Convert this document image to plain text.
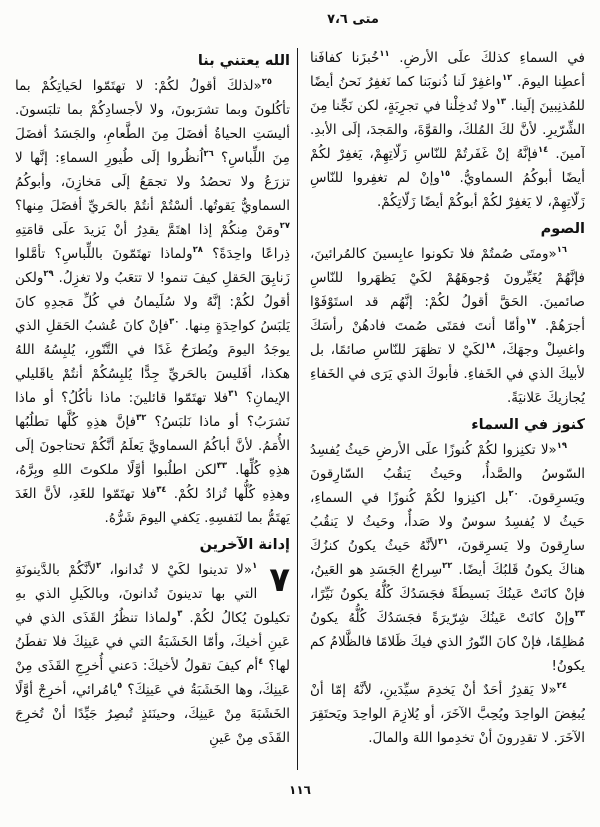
متى ٧،٦

في السماءِ كذلكَ علَى الأرضِ. $^{١١}$خُبزَنا كفافَنا أعطِنا اليومَ. $^{١٢}$واغفِرْ لَنا ذُنوبَنا كما نَغفِرُ نَحنُ أيضًا للمُذنِبينَ إلَينا. $^{١٣}$ولا تُدخِلْنا في تجرِبَةٍ، لكن نَجِّنا مِنَ الشِّرّيرِ. لأنَّ لكَ المُلكَ، والقوَّةَ، والمَجدَ، إلَى الأبدِ. آمينَ. $^{١٤}$فإنَّهُ إنْ غَفَرتُمْ للنّاسِ زَلّاتِهِمْ، يَغفِرْ لكُمْ أيضًا أبوكُمُ السماويُّ. $^{١٥}$وإنْ لم تغفِروا للنّاسِ زَلّاتِهِمْ، لا يَغفِرْ لكُمْ أبوكُمْ أيضًا زَلّاتِكُمْ.

الصوم

$^{١٦}$«ومتَى صُمتُمْ فلا تكونوا عابِسينَ كالمُرائينَ، فإنَّهُمْ يُغَيِّرونَ وُجوهَهُمْ لكَيْ يَظهَروا للنّاسِ صائمينَ. الحَقَّ أقولُ لكُمْ: إنَّهُم قد استَوْفَوْا أجرَهُمْ. $^{١٧}$وأمّا أنتَ فمَتَى صُمتَ فادهُنْ رأسَكَ واغسِلْ وجهَكَ، $^{١٨}$لكَيْ لا تظهَرَ للنّاسِ صائمًا، بل لأبيكَ الذي في الخَفاءِ. فأبوكَ الذي يَرَى في الخَفاءِ يُجازيكَ عَلانيَةً.

كنوز في السماء

$^{١٩}$«لا تكنِزوا لكُمْ كُنوزًا علَى الأرضِ حَيثُ يُفسِدُ السّوسُ والصَّدأُ، وحَيثُ يَنقُبُ السّارِقونَ ويَسرِقونَ. $^{٢٠}$بل اكنِزوا لكُمْ كُنوزًا في السماءِ، حَيثُ لا يُفسِدُ سوسٌ ولا صَدأٌ، وحَيثُ لا يَنقُبُ سارِقونَ ولا يَسرِقونَ، $^{٢١}$لأنَّهُ حَيثُ يكونُ كنزُكَ هناكَ يكونُ قَلبُكَ أيضًا. $^{٢٢}$سِراجُ الجَسَدِ هو العَينُ، فإنْ كانَتْ عَينُكَ بَسيطَةً فجَسَدُكَ كُلُّهُ يكونُ نَيِّرًا، $^{٢٣}$وإنْ كانَتْ عَينُكَ شِرّيرَةً فجَسَدُكَ كُلُّهُ يكونُ مُظلِمًا، فإنْ كانَ النّورُ الذي فيكَ ظَلامًا فالظَّلامُ كم يكونُ!

$^{٢٤}$«لا يَقدِرُ أحَدٌ أنْ يَخدِمَ سيِّدَينِ، لأنَّهُ إمّا أنْ يُبغِضَ الواحِدَ ويُحِبَّ الآخَرَ، أو يُلازِمَ الواحِدَ ويَحتَقِرَ الآخَرَ. لا تقدِرونَ أنْ تخدِموا اللهَ والمالَ.

الله يعتني بنا

$^{٢٥}$«لذلكَ أقولُ لكُمْ: لا تهتَمّوا لحَياتِكُمْ بما تأكُلونَ وبما تشرَبونَ، ولا لأجسادِكُمْ بما تلبَسونَ. أليسَتِ الحياةُ أفضَلَ مِنَ الطَّعامِ، والجَسَدُ أفضَلَ مِنَ اللِّباسِ؟ $^{٢٦}$اُنظُروا إلَى طُيورِ السماءِ: إنَّها لا تزرَعُ ولا تحصُدُ ولا تجمَعُ إلَى مَخازِنَ، وأبوكُمُ السماويُّ يَقوتُها. ألسْتُمْ أنتُمْ بالحَريِّ أفضَلَ مِنها؟ $^{٢٧}$ومَنْ مِنكُمْ إذا اهتَمَّ يقدِرُ أنْ يَزيدَ علَى قامَتِهِ ذِراعًا واحِدَةً؟ $^{٢٨}$ولماذا تهتَمّونَ باللِّباسِ؟ تأمَّلوا زَنابِقَ الحَقلِ كيفَ تنمو! لا تتعَبُ ولا تغزِلُ. $^{٢٩}$ولكن أقولُ لكُمْ: إنَّهُ ولا سُلَيمانُ في كُلِّ مَجدِهِ كانَ يَلبَسُ كواحِدَةٍ مِنها. $^{٣٠}$فإنْ كانَ عُشبُ الحَقلِ الذي يوجَدُ اليومَ ويُطرَحُ غَدًا في التَّنّورِ، يُلبِسُهُ اللهُ هكذا، أفَليسَ بالحَريِّ جِدًّا يُلبِسُكُمْ أنتُمْ ياقَليلي الإيمانِ؟ $^{٣١}$فلا تهتَمّوا قائلينَ: ماذا نأكُلُ؟ أو ماذا نَشرَبُ؟ أو ماذا نَلبَسُ؟ $^{٣٢}$فإنَّ هذِهِ كُلَّها تطلُبُها الأُمَمُ. لأنَّ أباكُمُ السماويَّ يَعلَمُ أنَّكُمْ تحتاجونَ إلَى هذِهِ كُلِّها. $^{٣٣}$لكن اطلُبوا أوَّلًا ملكوتَ اللهِ وبِرَّهُ، وهذِهِ كُلُّها تُزادُ لكُمْ. $^{٣٤}$فلا تهتَمّوا للغَدِ، لأنَّ الغَدَ يَهتَمُّ بما لنَفسِهِ. يَكفي اليومَ شَرُّهُ.

إدانة الآخرين

٧
$^١$«لا تدينوا لكَيْ لا تُدانوا، $^٢$لأنَّكُمْ بالدَّينونَةِ التي بها تدينونَ تُدانونَ، وبالكَيلِ الذي بهِ تكيلونَ يُكالُ لكُمْ. $^٣$ولماذا تنظُرُ القَذَى الذي في عَينِ أخيكَ، وأمّا الخَشَبَةُ التي في عَينِكَ فلا تفطَنُ لها؟ $^٤$أم كيفَ تقولُ لأخيكَ: دَعني أُخرِجِ القَذَى مِنْ عَينِكَ، وها الخَشَبَةُ في عَينِكَ؟ $^٥$يامُرائي، أخرِجْ أوَّلًا الخَشَبَةَ مِنْ عَينِكَ، وحينَئذٍ تُبصِرُ جَيِّدًا أنْ تُخرِجَ القَذَى مِنْ عَينِ

١١٦
